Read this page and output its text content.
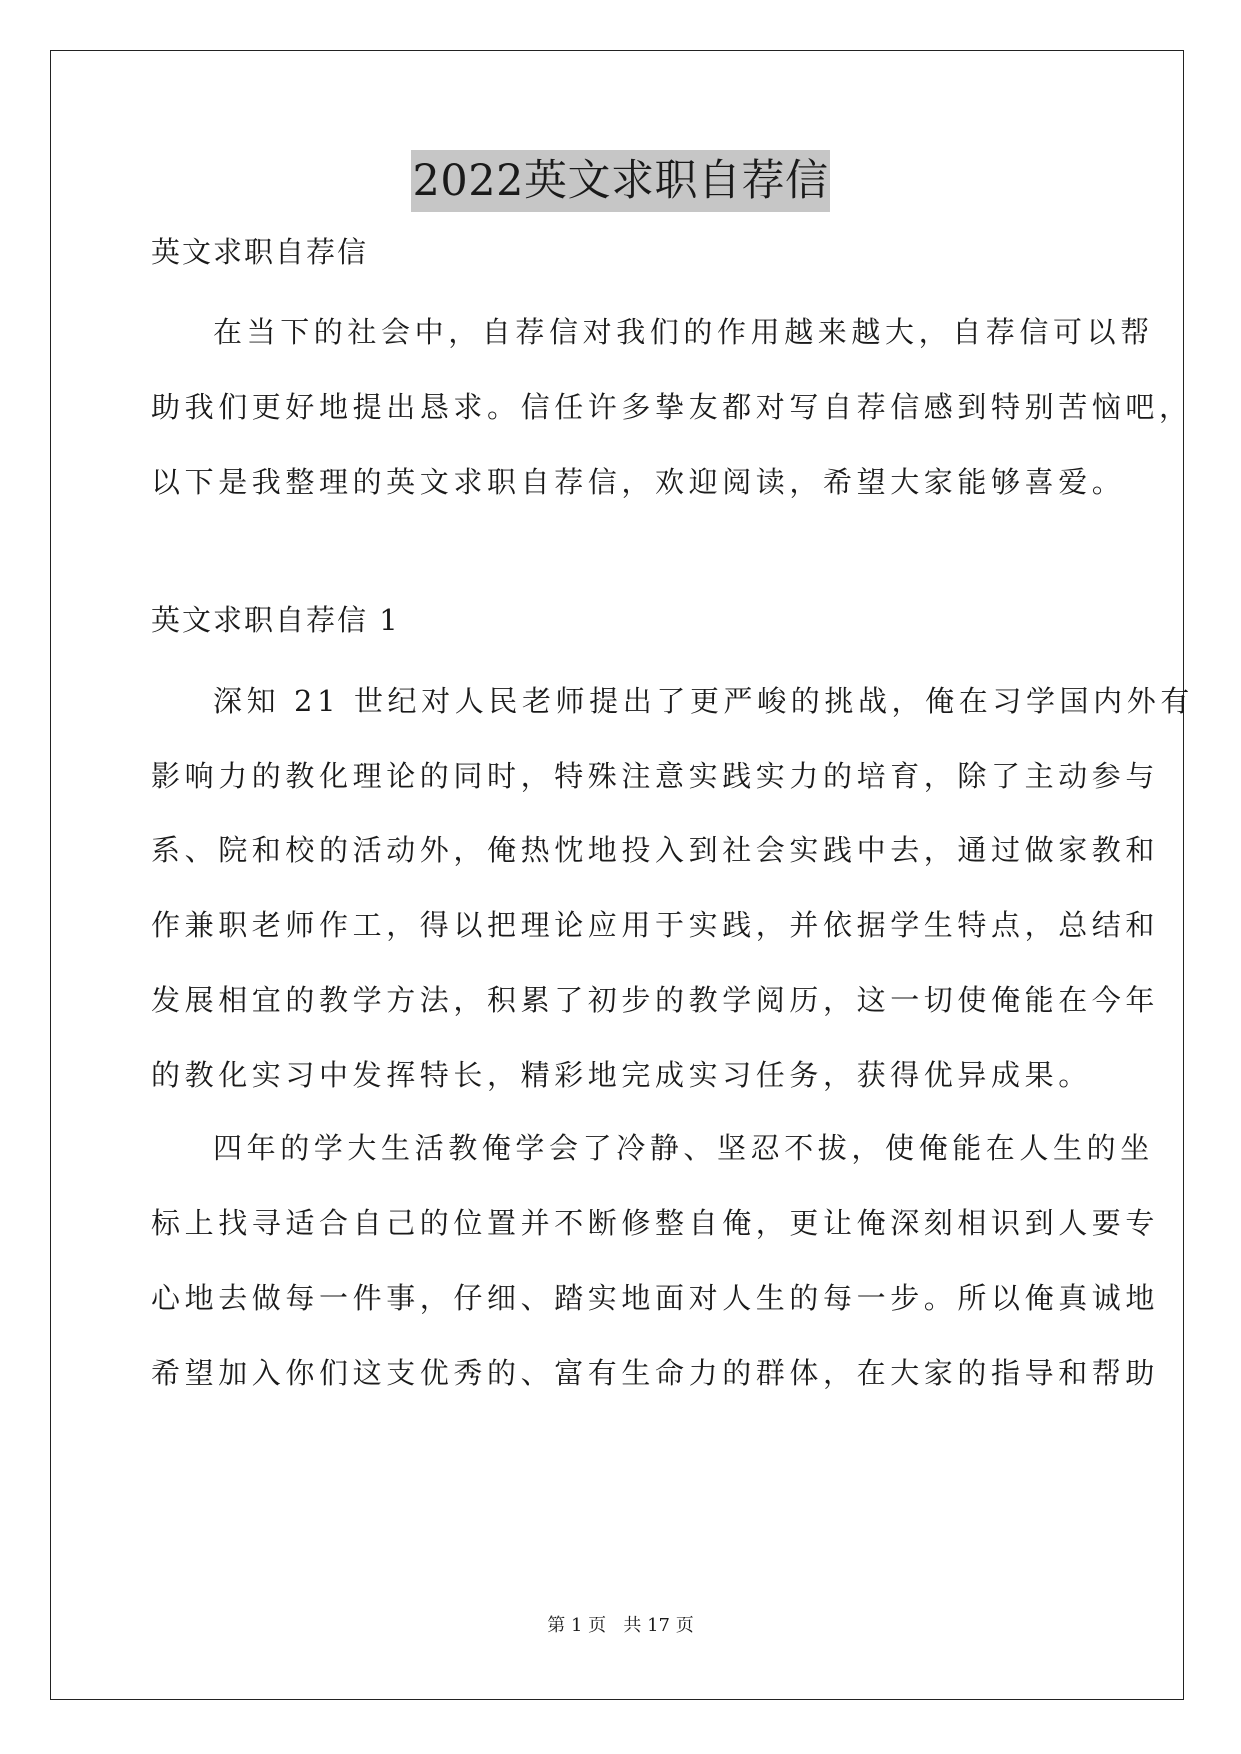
2022英文求职自荐信
英文求职自荐信
在当下的社会中，自荐信对我们的作用越来越大，自荐信可以帮
助我们更好地提出恳求。信任许多挚友都对写自荐信感到特别苦恼吧，
以下是我整理的英文求职自荐信，欢迎阅读，希望大家能够喜爱。
英文求职自荐信 1
深知 21 世纪对人民老师提出了更严峻的挑战，俺在习学国内外有
影响力的教化理论的同时，特殊注意实践实力的培育，除了主动参与
系、院和校的活动外，俺热忱地投入到社会实践中去，通过做家教和
作兼职老师作工，得以把理论应用于实践，并依据学生特点，总结和
发展相宜的教学方法，积累了初步的教学阅历，这一切使俺能在今年
的教化实习中发挥特长，精彩地完成实习任务，获得优异成果。
四年的学大生活教俺学会了冷静、坚忍不拔，使俺能在人生的坐
标上找寻适合自己的位置并不断修整自俺，更让俺深刻相识到人要专
心地去做每一件事，仔细、踏实地面对人生的每一步。所以俺真诚地
希望加入你们这支优秀的、富有生命力的群体，在大家的指导和帮助
第 1 页   共 17 页
